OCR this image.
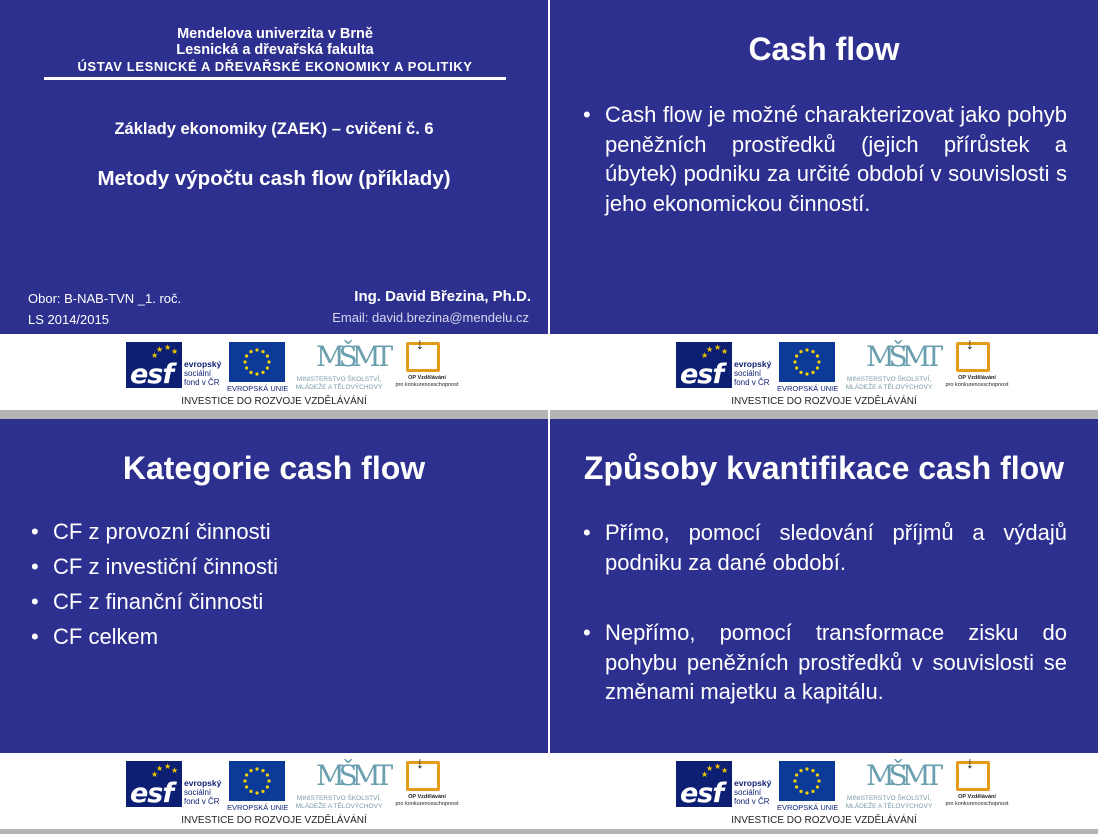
Mendelova univerzita v Brně
Lesnická a dřevařská fakulta
ÚSTAV LESNICKÉ A DŘEVAŘSKÉ EKONOMIKY A POLITIKY
Základy ekonomiky (ZAEK) – cvičení č. 6
Metody výpočtu cash flow (příklady)
Obor: B-NAB-TVN _1. roč.
LS 2014/2015
Ing. David Březina, Ph.D.
Email: david.brezina@mendelu.cz
★ ★ ★
★
esf evropský
sociální
fond v ČR
EVROPSKÁ UNIE
MŠMT
MINISTERSTVO ŠKOLSTVÍ,
MLÁDEŽE A TĚLOVÝCHOVY
↓
OP Vzdělávání
pro konkurenceschopnost
INVESTICE DO ROZVOJE VZDĚLÁVÁNÍ
Cash flow
• Cash flow je možné charakterizovat jako pohyb peněžních prostředků (jejich přírůstek a úbytek) podniku za určité období v souvislosti s jeho ekonomickou činností.
★ ★ ★
★
esf evropský
sociální
fond v ČR
EVROPSKÁ UNIE
MŠMT
MINISTERSTVO ŠKOLSTVÍ,
MLÁDEŽE A TĚLOVÝCHOVY
↓
OP Vzdělávání
pro konkurenceschopnost
INVESTICE DO ROZVOJE VZDĚLÁVÁNÍ
Kategorie cash flow
• CF z provozní činnosti
• CF z investiční činnosti
• CF z finanční činnosti
• CF celkem
★ ★ ★
★
esf evropský
sociální
fond v ČR
EVROPSKÁ UNIE
MŠMT
MINISTERSTVO ŠKOLSTVÍ,
MLÁDEŽE A TĚLOVÝCHOVY
↓
OP Vzdělávání
pro konkurenceschopnost
INVESTICE DO ROZVOJE VZDĚLÁVÁNÍ
Způsoby kvantifikace cash flow
• Přímo, pomocí sledování příjmů a výdajů podniku za dané období.
• Nepřímo, pomocí transformace zisku do pohybu peněžních prostředků v souvislosti se změnami majetku a kapitálu.
★ ★ ★
★
esf evropský
sociální
fond v ČR
EVROPSKÁ UNIE
MŠMT
MINISTERSTVO ŠKOLSTVÍ,
MLÁDEŽE A TĚLOVÝCHOVY
↓
OP Vzdělávání
pro konkurenceschopnost
INVESTICE DO ROZVOJE VZDĚLÁVÁNÍ
